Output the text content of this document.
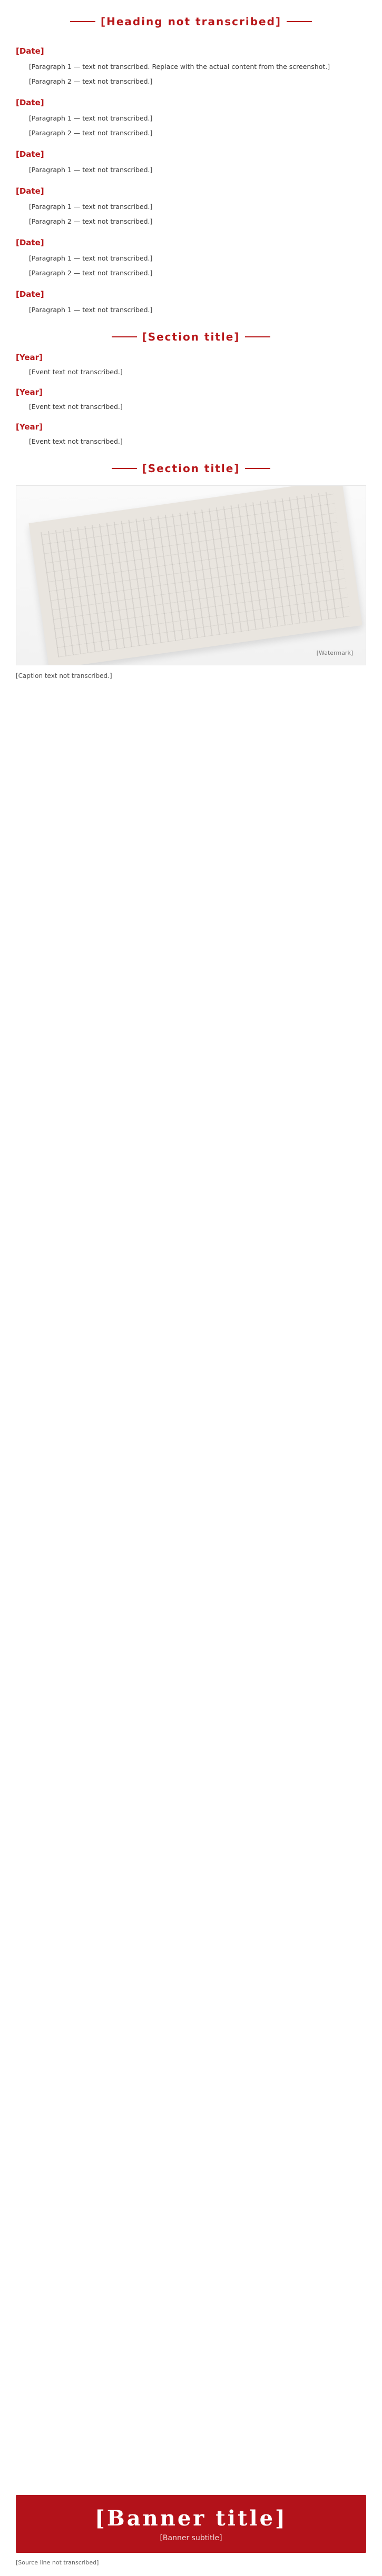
[Heading not transcribed]
[Date]

[Paragraph 1 — text not transcribed. Replace with the actual content from the screenshot.]

[Paragraph 2 — text not transcribed.]

[Date]

[Paragraph 1 — text not transcribed.]

[Paragraph 2 — text not transcribed.]

[Date]

[Paragraph 1 — text not transcribed.]

[Date]

[Paragraph 1 — text not transcribed.]

[Paragraph 2 — text not transcribed.]

[Date]

[Paragraph 1 — text not transcribed.]

[Paragraph 2 — text not transcribed.]

[Date]

[Paragraph 1 — text not transcribed.]

[Section title]
[Year]

[Event text not transcribed.]

[Year]

[Event text not transcribed.]

[Year]

[Event text not transcribed.]

[Section title]
[Watermark]
[Caption text not transcribed.]
[Banner title]
[Banner subtitle]
[Source line not transcribed]
